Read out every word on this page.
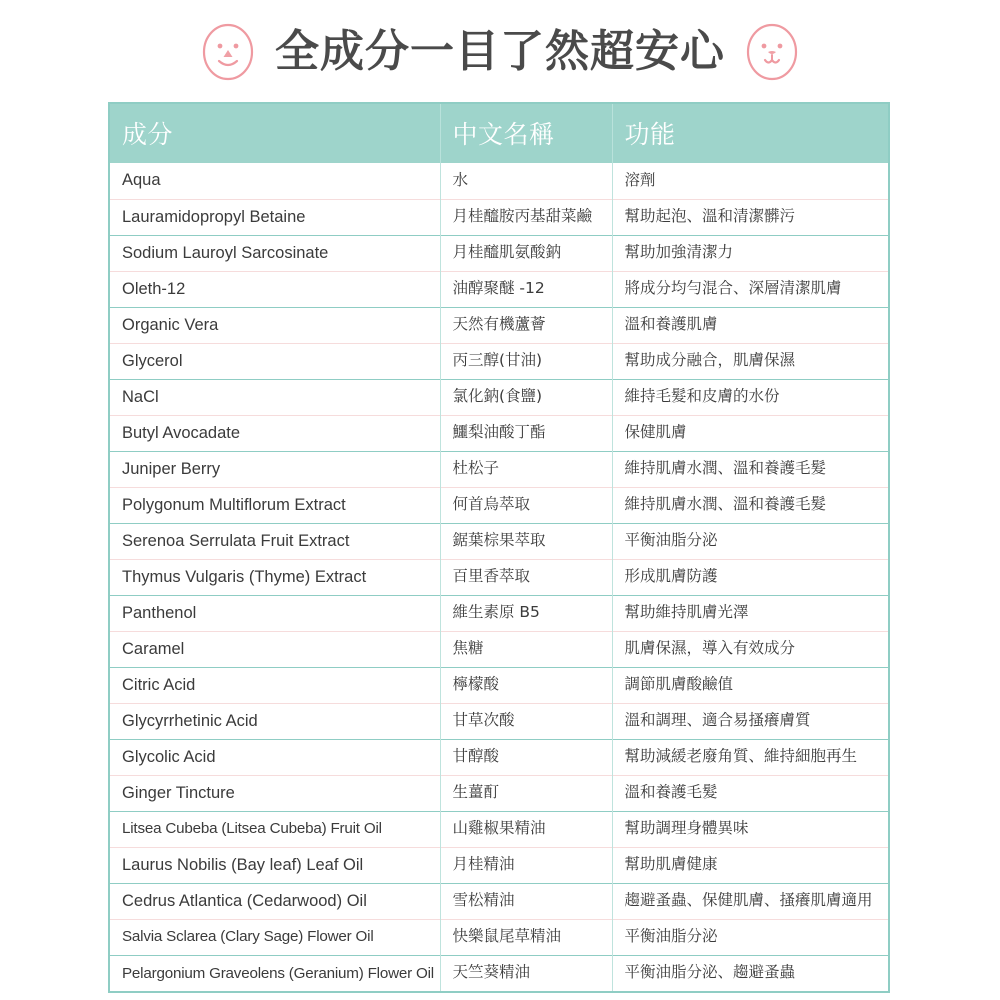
全成分一目了然超安心
成分	中文名稱	功能
Aqua	水	溶劑
Lauramidopropyl Betaine	月桂醯胺丙基甜菜鹼	幫助起泡、溫和清潔髒污
Sodium Lauroyl Sarcosinate	月桂醯肌氨酸鈉	幫助加強清潔力
Oleth-12	油醇聚醚 -12	將成分均勻混合、深層清潔肌膚
Organic Vera	天然有機蘆薈	溫和養護肌膚
Glycerol	丙三醇(甘油)	幫助成分融合，肌膚保濕
NaCl	氯化鈉(食鹽)	維持毛髮和皮膚的水份
Butyl Avocadate	鱷梨油酸丁酯	保健肌膚
Juniper Berry	杜松子	維持肌膚水潤、溫和養護毛髮
Polygonum Multiflorum Extract	何首烏萃取	維持肌膚水潤、溫和養護毛髮
Serenoa Serrulata Fruit Extract	鋸葉棕果萃取	平衡油脂分泌
Thymus Vulgaris (Thyme) Extract	百里香萃取	形成肌膚防護
Panthenol	維生素原 B5	幫助維持肌膚光澤
Caramel	焦糖	肌膚保濕，導入有效成分
Citric Acid	檸檬酸	調節肌膚酸鹼值
Glycyrrhetinic Acid	甘草次酸	溫和調理、適合易搔癢膚質
Glycolic Acid	甘醇酸	幫助減緩老廢角質、維持細胞再生
Ginger Tincture	生薑酊	溫和養護毛髮
Litsea Cubeba (Litsea Cubeba) Fruit Oil	山雞椒果精油	幫助調理身體異味
Laurus Nobilis (Bay leaf) Leaf Oil	月桂精油	幫助肌膚健康
Cedrus Atlantica (Cedarwood) Oil	雪松精油	趨避蚤蟲、保健肌膚、搔癢肌膚適用
Salvia Sclarea (Clary Sage) Flower Oil	快樂鼠尾草精油	平衡油脂分泌
Pelargonium Graveolens (Geranium) Flower Oil	天竺葵精油	平衡油脂分泌、趨避蚤蟲
